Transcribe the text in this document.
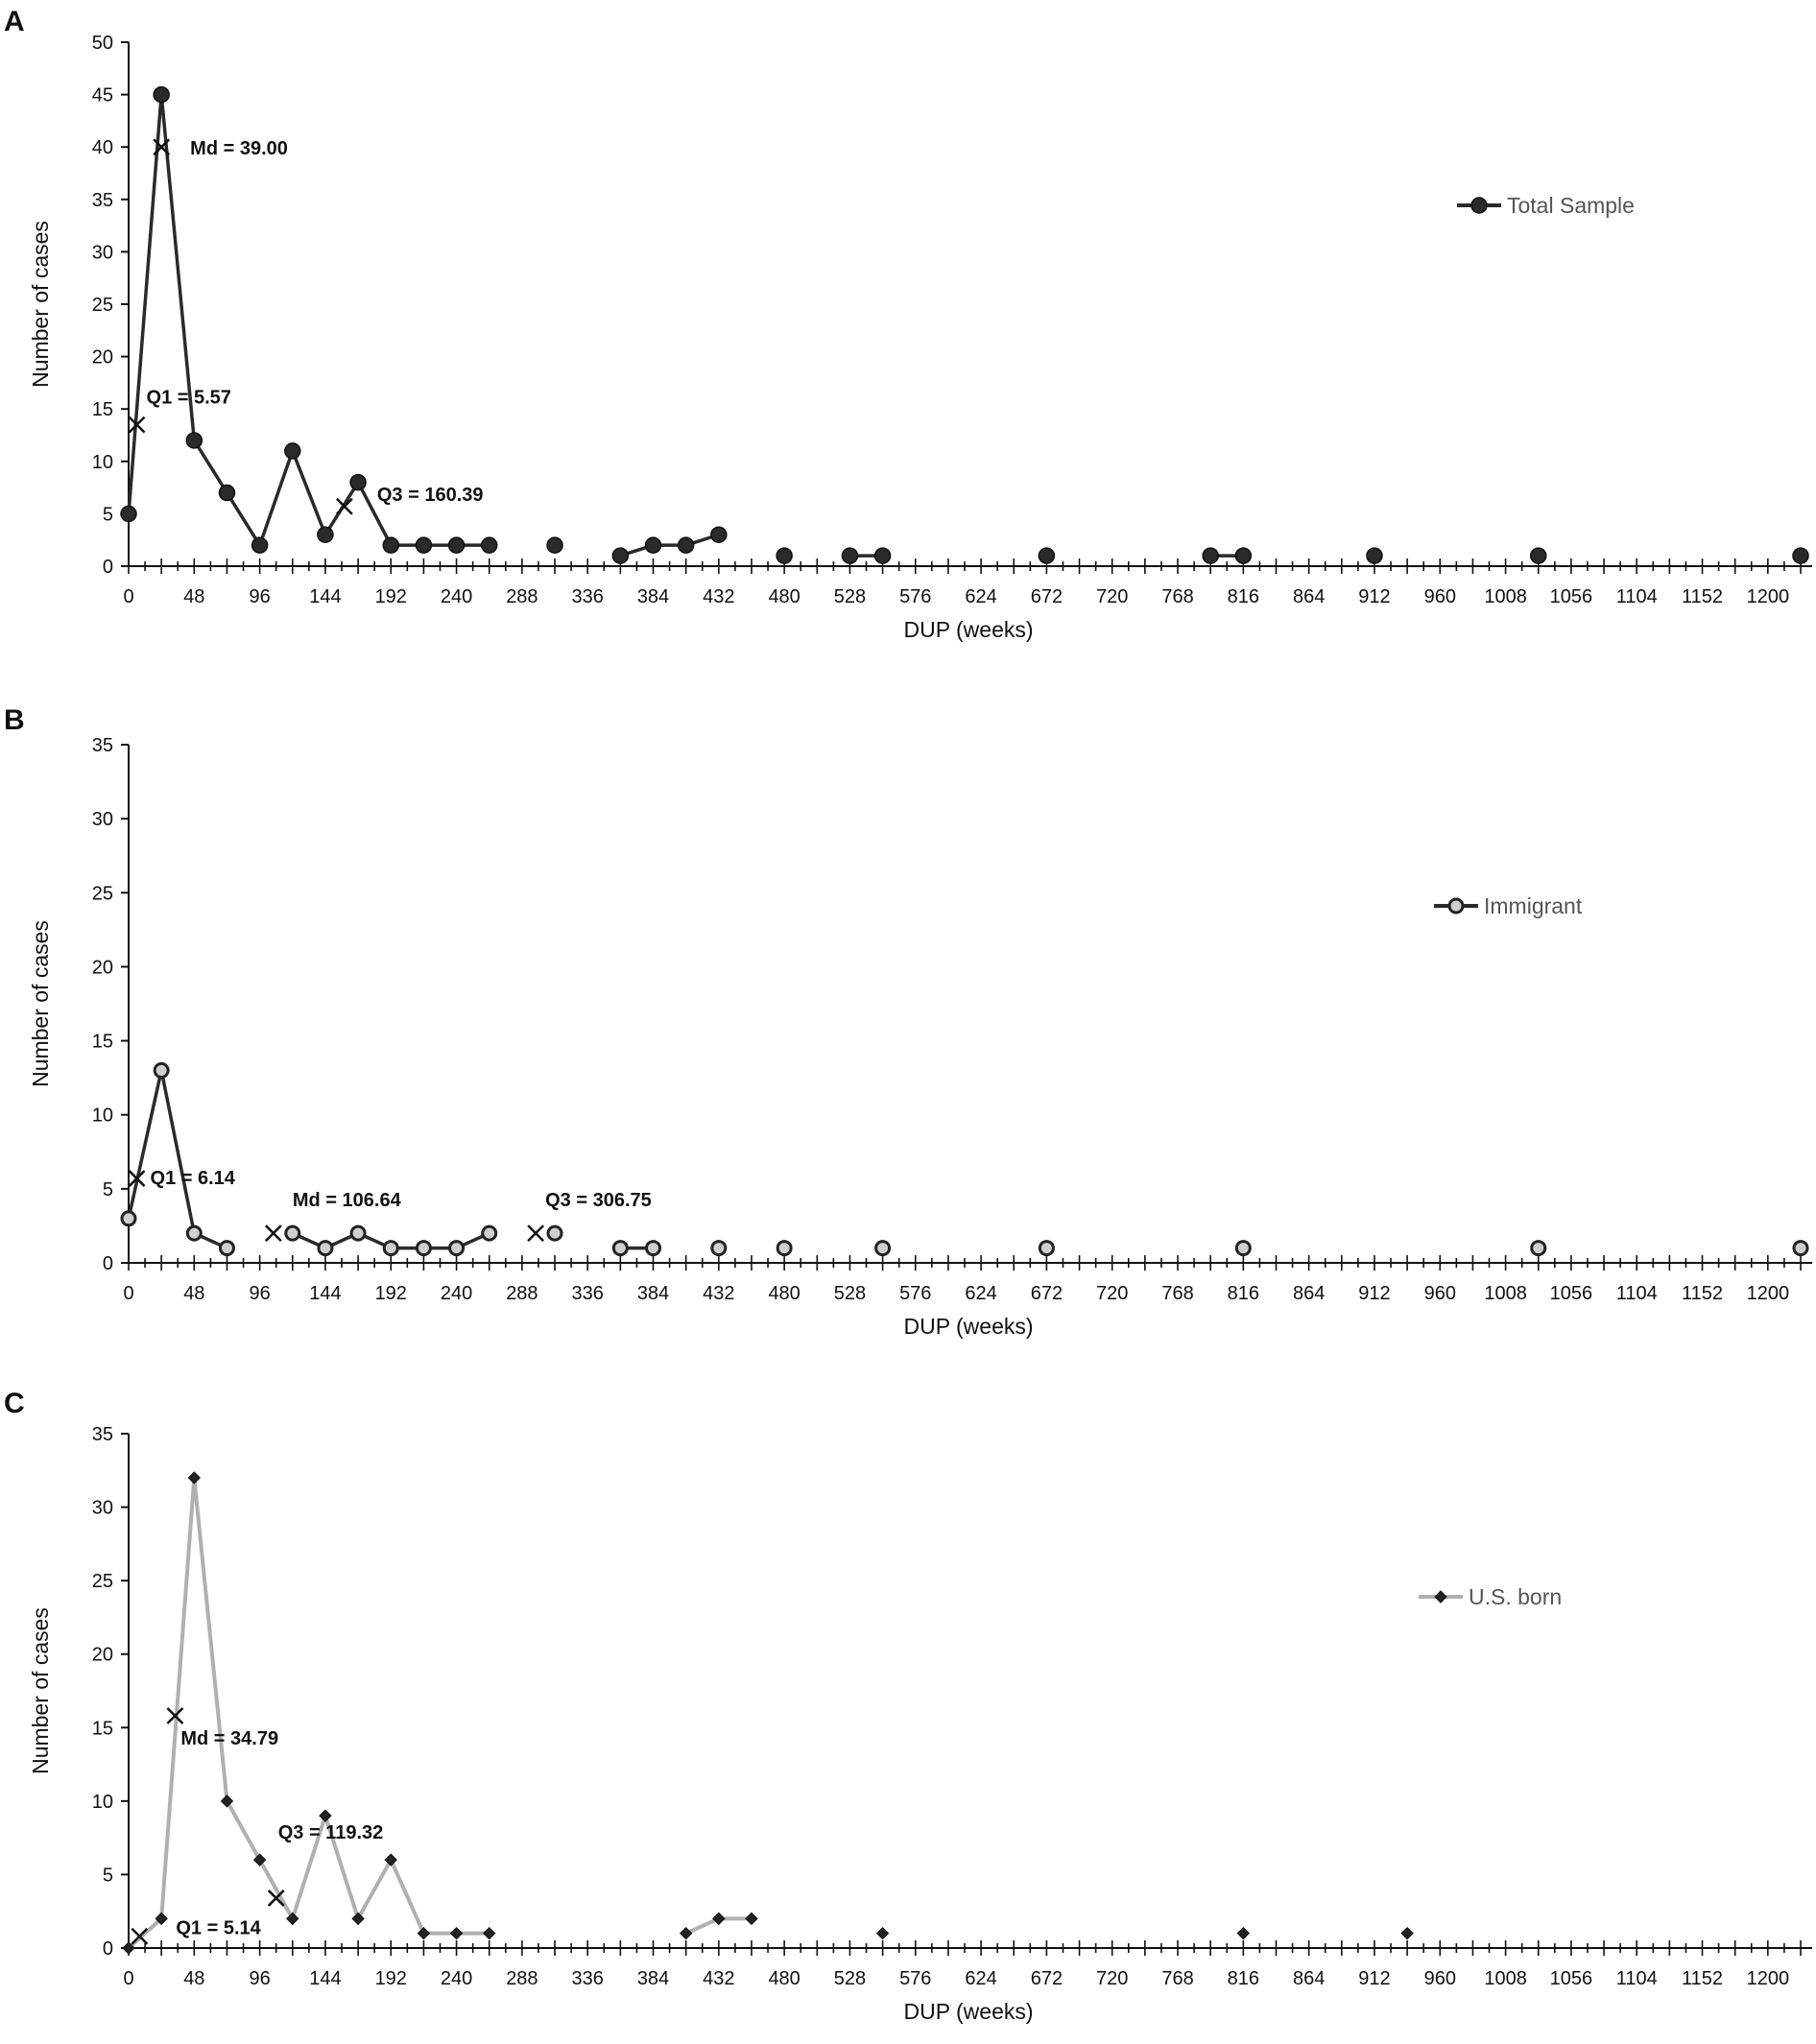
A
0
5
10
15
20
25
30
35
40
45
50
0	48 96 144 192 240 288 336 384 432 480 528 576 624 672 720 768 816 864 912 960 1008 1056 1104 1152 1200
DUP (weeks)
Number of cases
Total Sample
Q1 = 5.57
Md = 39.00
Q3 = 160.39
B
0
5
10
15
20
25
30
35
0	48 96 144 192 240 288 336 384 432 480 528 576 624 672 720 768 816 864 912 960 1008 1056 1104 1152 1200
DUP (weeks)
Number of cases
Immigrant
Q1 = 6.14
Md = 106.64	Q3 = 306.75
C
0
5
10
15
20
25
30
35
0	48 96 144 192 240 288 336 384 432 480 528 576 624 672 720 768 816 864 912 960 1008 1056 1104 1152 1200
DUP (weeks)
Number of cases
U.S. born
Q1 = 5.14
Md = 34.79
Q3 = 119.32
